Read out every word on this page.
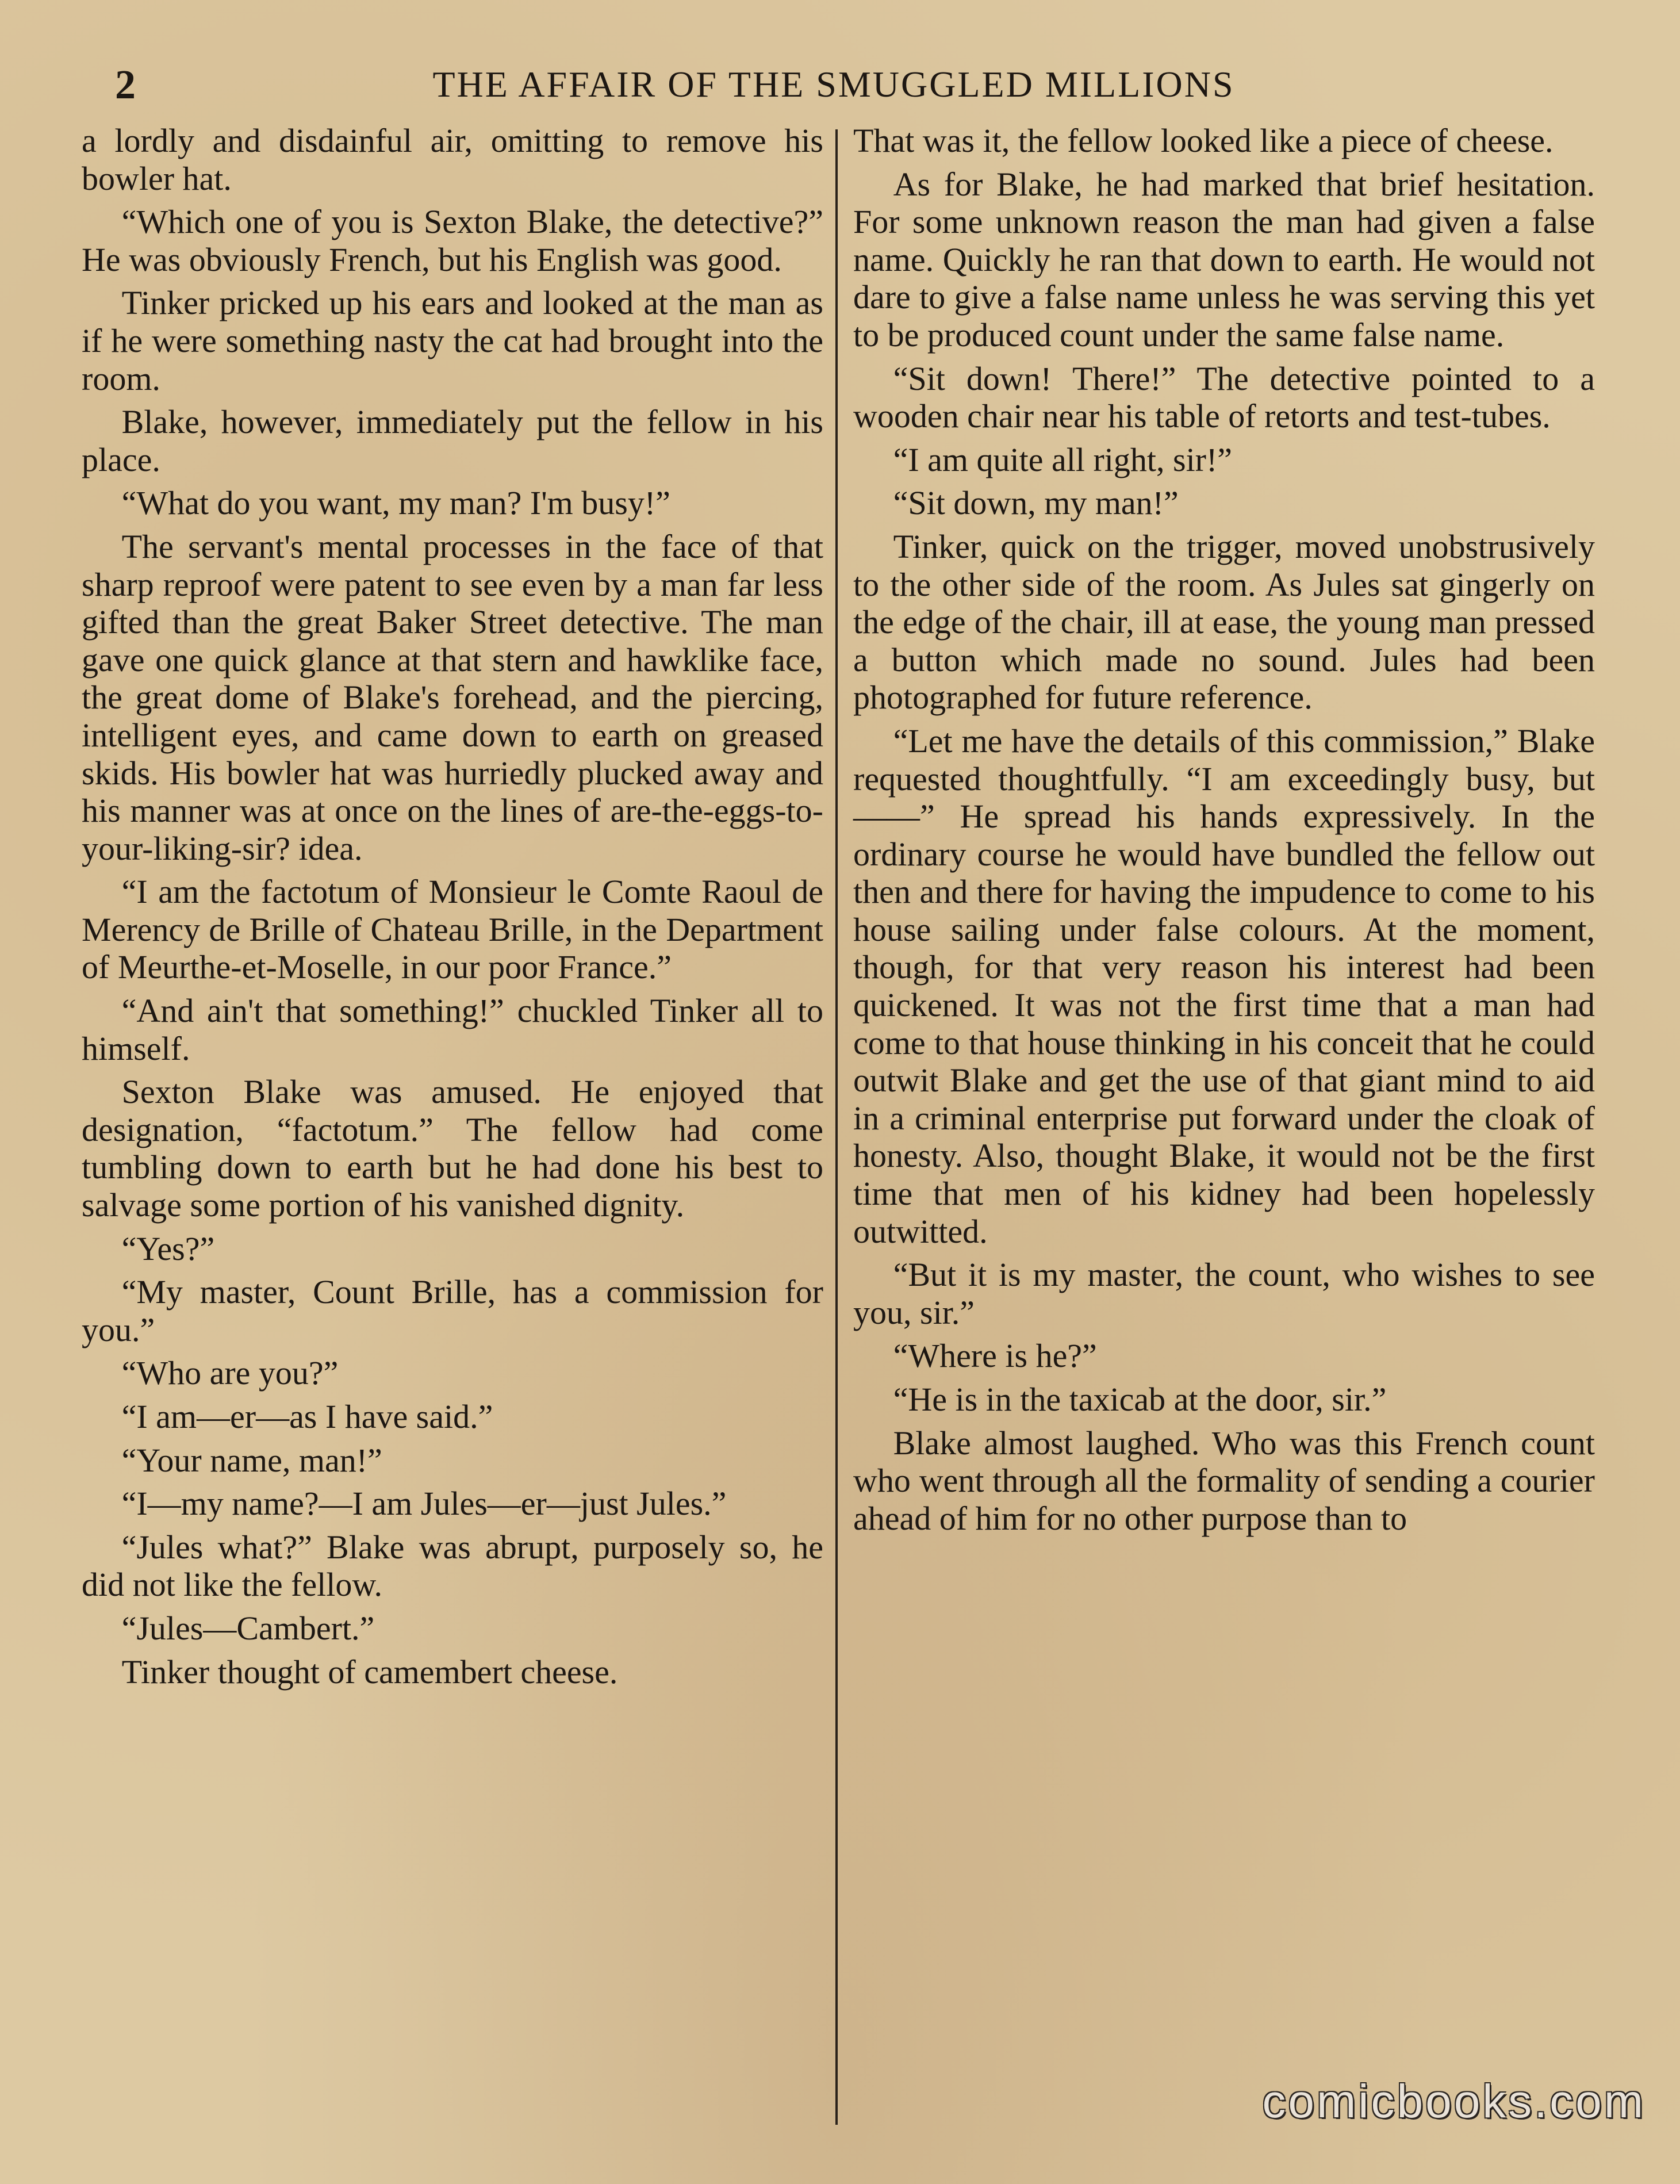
2	THE AFFAIR OF THE SMUGGLED MILLIONS

a lordly and disdainful air, omitting to remove his bowler hat.

“Which one of you is Sexton Blake, the detective?” He was obviously French, but his English was good.

Tinker pricked up his ears and looked at the man as if he were something nasty the cat had brought into the room.

Blake, however, immediately put the fellow in his place.

“What do you want, my man? I'm busy!”

The servant's mental processes in the face of that sharp reproof were patent to see even by a man far less gifted than the great Baker Street detective. The man gave one quick glance at that stern and hawklike face, the great dome of Blake's forehead, and the piercing, intelligent eyes, and came down to earth on greased skids. His bowler hat was hurriedly plucked away and his manner was at once on the lines of are-the-eggs-to-your-liking-sir? idea.

“I am the factotum of Monsieur le Comte Raoul de Merency de Brille of Chateau Brille, in the Department of Meurthe-et-Moselle, in our poor France.”

“And ain't that something!” chuckled Tinker all to himself.

Sexton Blake was amused. He enjoyed that designation, “factotum.” The fellow had come tumbling down to earth but he had done his best to salvage some portion of his vanished dignity.

“Yes?”

“My master, Count Brille, has a commission for you.”

“Who are you?”

“I am—er—as I have said.”

“Your name, man!”

“I—my name?—I am Jules—er—just Jules.”

“Jules what?” Blake was abrupt, purposely so, he did not like the fellow.

“Jules—Cambert.”

Tinker thought of camembert cheese.

That was it, the fellow looked like a piece of cheese.

As for Blake, he had marked that brief hesitation. For some unknown reason the man had given a false name. Quickly he ran that down to earth. He would not dare to give a false name unless he was serving this yet to be produced count under the same false name.

“Sit down! There!” The detective pointed to a wooden chair near his table of retorts and test-tubes.

“I am quite all right, sir!”

“Sit down, my man!”

Tinker, quick on the trigger, moved unobstrusively to the other side of the room. As Jules sat gingerly on the edge of the chair, ill at ease, the young man pressed a button which made no sound. Jules had been photographed for future reference.

“Let me have the details of this commission,” Blake requested thoughtfully. “I am exceedingly busy, but ——” He spread his hands expressively. In the ordinary course he would have bundled the fellow out then and there for having the impudence to come to his house sailing under false colours. At the moment, though, for that very reason his interest had been quickened. It was not the first time that a man had come to that house thinking in his conceit that he could outwit Blake and get the use of that giant mind to aid in a criminal enterprise put forward under the cloak of honesty. Also, thought Blake, it would not be the first time that men of his kidney had been hopelessly outwitted.

“But it is my master, the count, who wishes to see you, sir.”

“Where is he?”

“He is in the taxicab at the door, sir.”

Blake almost laughed. Who was this French count who went through all the formality of sending a courier ahead of him for no other purpose than to

comicbooks.com
